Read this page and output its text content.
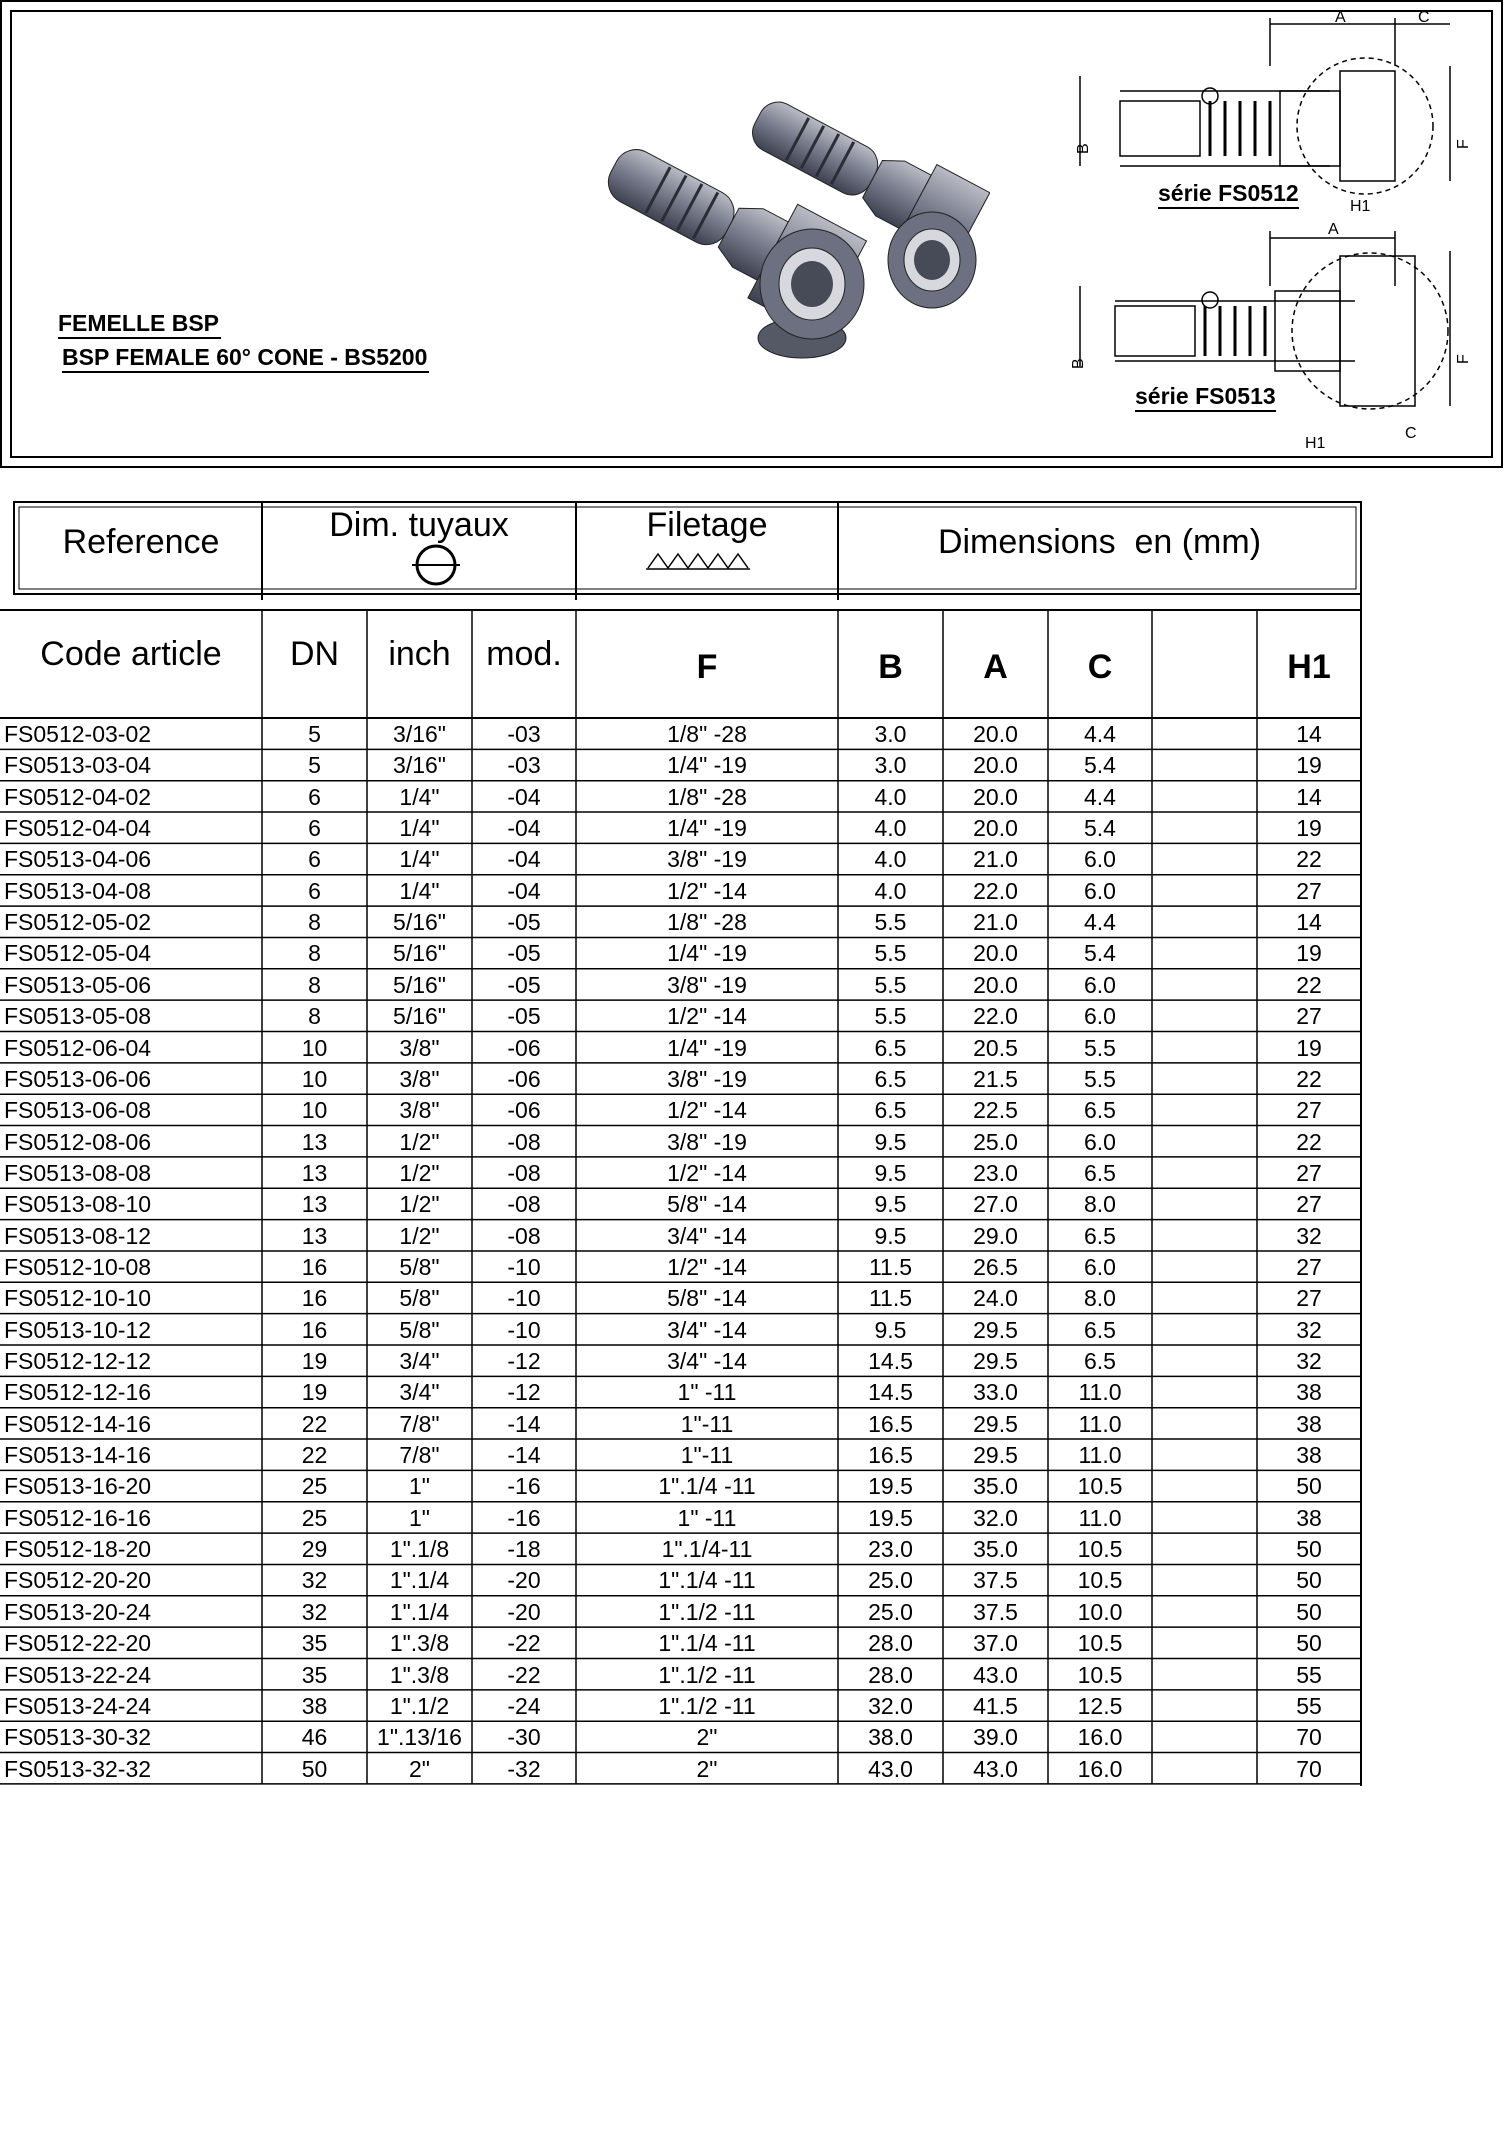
FEMELLE BSP
BSP FEMALE 60° CONE - BS5200
A	C
B	F
H1
A
B	F
H1
C
série FS0512
série FS0513
Reference	Dim. tuyaux	Filetage	Dimensions  en (mm)
Code article	DN	inch	mod.	F	B	A	C	H1
FS0512-03-02	5	3/16"	-03	1/8" -28	3.0	20.0	4.4	14
FS0513-03-04	5	3/16"	-03	1/4" -19	3.0	20.0	5.4	19
FS0512-04-02	6	1/4"	-04	1/8" -28	4.0	20.0	4.4	14
FS0512-04-04	6	1/4"	-04	1/4" -19	4.0	20.0	5.4	19
FS0513-04-06	6	1/4"	-04	3/8" -19	4.0	21.0	6.0	22
FS0513-04-08	6	1/4"	-04	1/2" -14	4.0	22.0	6.0	27
FS0512-05-02	8	5/16"	-05	1/8" -28	5.5	21.0	4.4	14
FS0512-05-04	8	5/16"	-05	1/4" -19	5.5	20.0	5.4	19
FS0513-05-06	8	5/16"	-05	3/8" -19	5.5	20.0	6.0	22
FS0513-05-08	8	5/16"	-05	1/2" -14	5.5	22.0	6.0	27
FS0512-06-04	10	3/8"	-06	1/4" -19	6.5	20.5	5.5	19
FS0513-06-06	10	3/8"	-06	3/8" -19	6.5	21.5	5.5	22
FS0513-06-08	10	3/8"	-06	1/2" -14	6.5	22.5	6.5	27
FS0512-08-06	13	1/2"	-08	3/8" -19	9.5	25.0	6.0	22
FS0513-08-08	13	1/2"	-08	1/2" -14	9.5	23.0	6.5	27
FS0513-08-10	13	1/2"	-08	5/8" -14	9.5	27.0	8.0	27
FS0513-08-12	13	1/2"	-08	3/4" -14	9.5	29.0	6.5	32
FS0512-10-08	16	5/8"	-10	1/2" -14	11.5	26.5	6.0	27
FS0512-10-10	16	5/8"	-10	5/8" -14	11.5	24.0	8.0	27
FS0513-10-12	16	5/8"	-10	3/4" -14	9.5	29.5	6.5	32
FS0512-12-12	19	3/4"	-12	3/4" -14	14.5	29.5	6.5	32
FS0512-12-16	19	3/4"	-12	1" -11	14.5	33.0	11.0	38
FS0512-14-16	22	7/8"	-14	1"-11	16.5	29.5	11.0	38
FS0513-14-16	22	7/8"	-14	1"-11	16.5	29.5	11.0	38
FS0513-16-20	25	1"	-16	1".1/4 -11	19.5	35.0	10.5	50
FS0512-16-16	25	1"	-16	1" -11	19.5	32.0	11.0	38
FS0512-18-20	29	1".1/8	-18	1".1/4-11	23.0	35.0	10.5	50
FS0512-20-20	32	1".1/4	-20	1".1/4 -11	25.0	37.5	10.5	50
FS0513-20-24	32	1".1/4	-20	1".1/2 -11	25.0	37.5	10.0	50
FS0512-22-20	35	1".3/8	-22	1".1/4 -11	28.0	37.0	10.5	50
FS0513-22-24	35	1".3/8	-22	1".1/2 -11	28.0	43.0	10.5	55
FS0513-24-24	38	1".1/2	-24	1".1/2 -11	32.0	41.5	12.5	55
FS0513-30-32	46	1".13/16	-30	2"	38.0	39.0	16.0	70
FS0513-32-32	50	2"	-32	2"	43.0	43.0	16.0	70
